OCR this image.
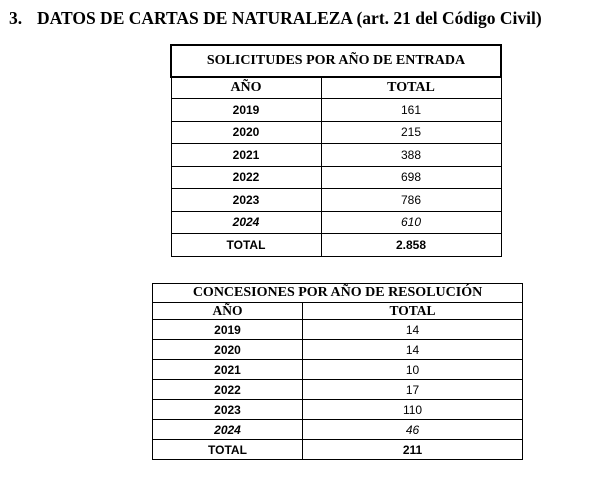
3. DATOS DE CARTAS DE NATURALEZA (art. 21 del Código Civil)
SOLICITUDES POR AÑO DE ENTRADA	
AÑO	TOTAL
2019	161
2020	215
2021	388
2022	698
2023	786
2024	610
TOTAL	2.858
CONCESIONES POR AÑO DE RESOLUCIÓN	
AÑO	TOTAL
2019	14
2020	14
2021	10
2022	17
2023	110
2024	46
TOTAL	211
